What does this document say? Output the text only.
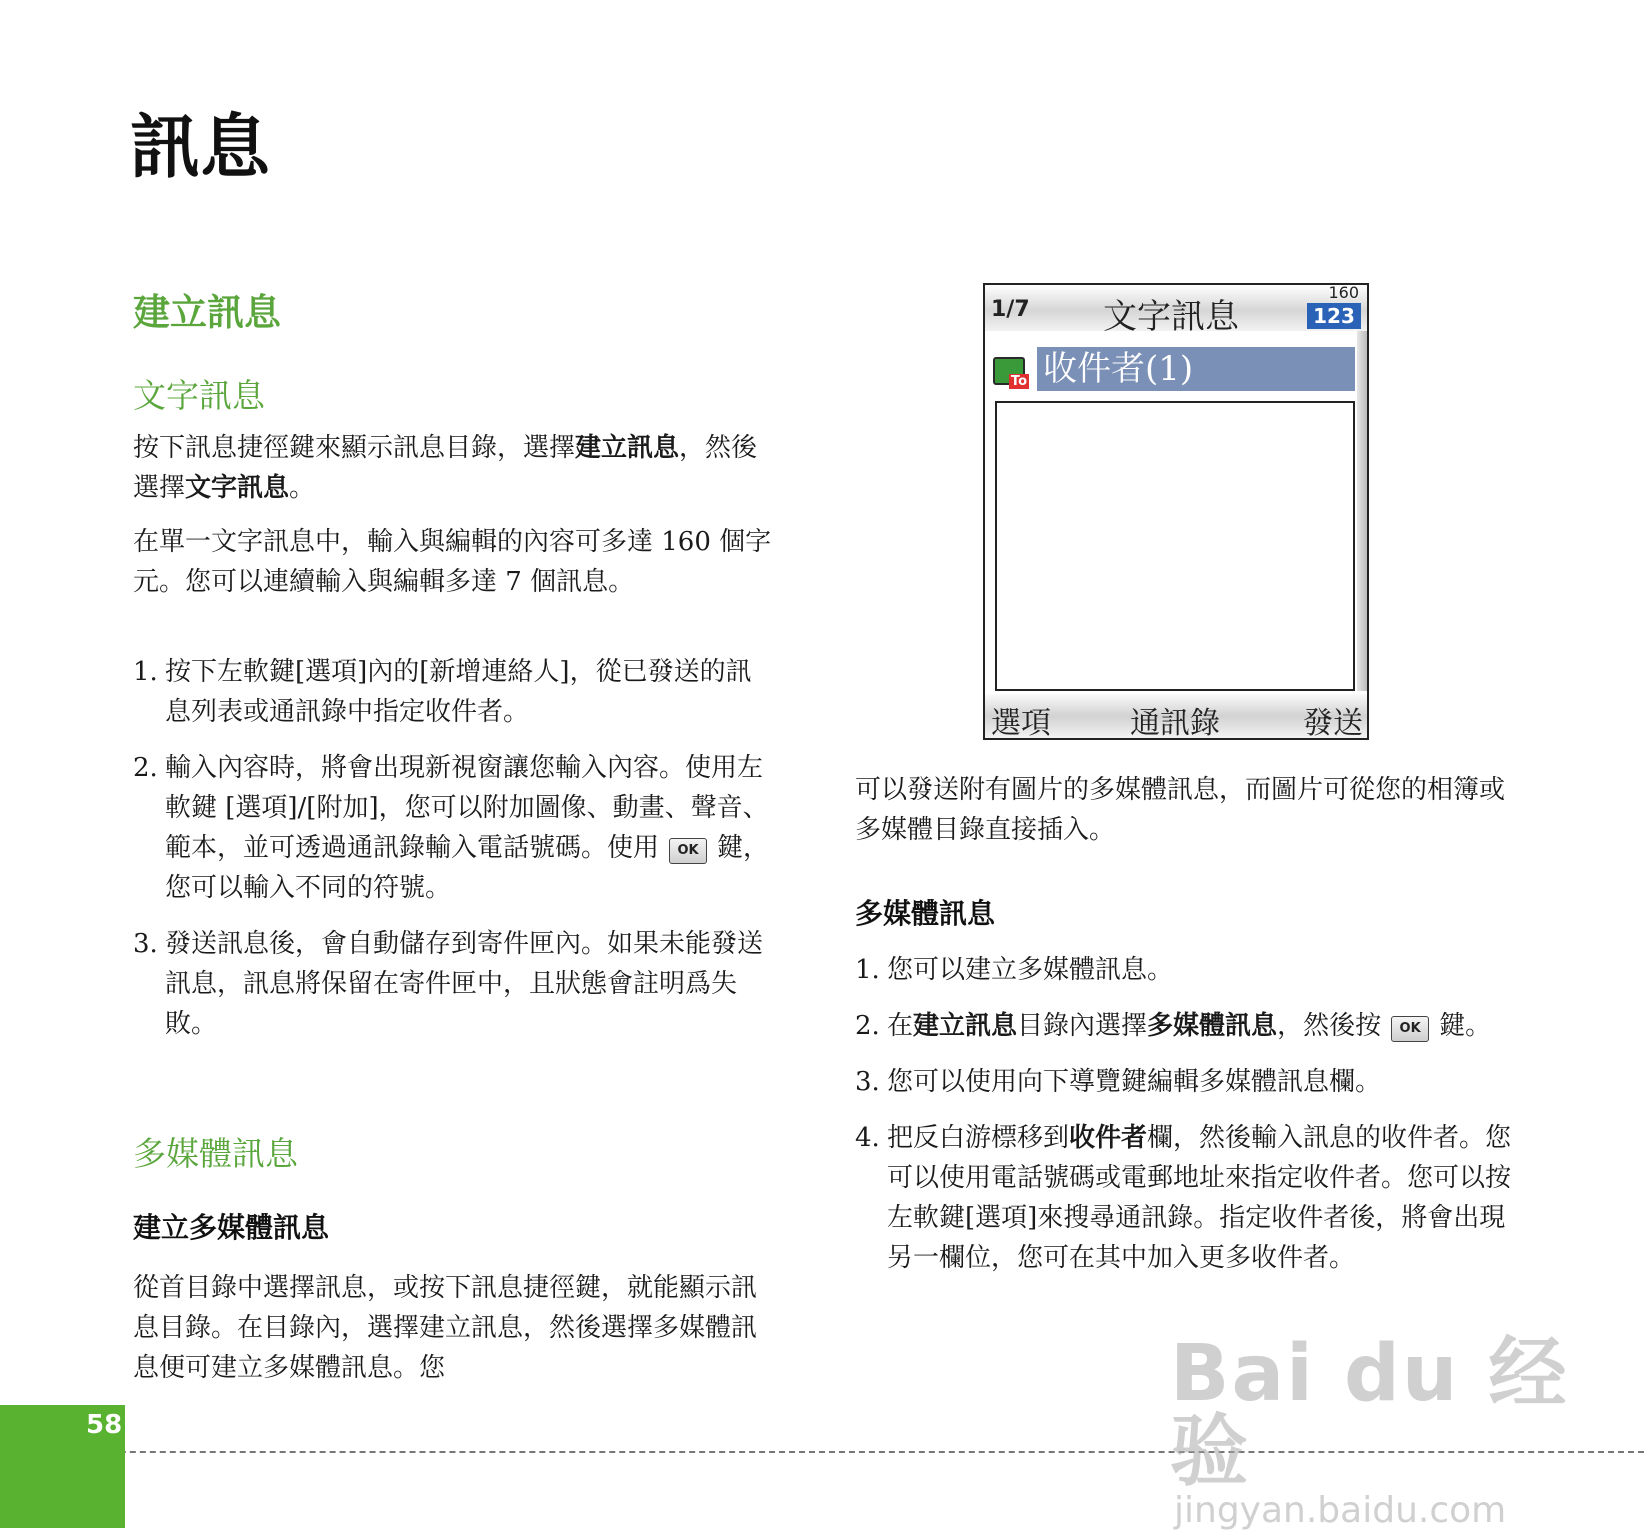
訊息
建立訊息
文字訊息

按下訊息捷徑鍵來顯示訊息目錄，選擇建立訊息，然後選擇文字訊息。

在單一文字訊息中，輸入與編輯的內容可多達 160 個字元。您可以連續輸入與編輯多達 7 個訊息。

1. 按下左軟鍵[選項]內的[新增連絡人]，從已發送的訊息列表或通訊錄中指定收件者。
2. 輸入內容時，將會出現新視窗讓您輸入內容。使用左軟鍵 [選項]/[附加]，您可以附加圖像、動畫、聲音、範本，並可透過通訊錄輸入電話號碼。使用 OK 鍵，您可以輸入不同的符號。
3. 發送訊息後，會自動儲存到寄件匣內。如果未能發送訊息，訊息將保留在寄件匣中，且狀態會註明爲失敗。
多媒體訊息
建立多媒體訊息

從首目錄中選擇訊息，或按下訊息捷徑鍵，就能顯示訊息目錄。在目錄內，選擇建立訊息，然後選擇多媒體訊息便可建立多媒體訊息。您

1/7 文字訊息
160
123
To 收件者(1)
選項	通訊錄	發送

可以發送附有圖片的多媒體訊息，而圖片可從您的相簿或多媒體目錄直接插入。

多媒體訊息
1. 您可以建立多媒體訊息。
2. 在建立訊息目錄內選擇多媒體訊息，然後按 OK 鍵。
3. 您可以使用向下導覽鍵編輯多媒體訊息欄。
4. 把反白游標移到收件者欄，然後輸入訊息的收件者。您可以使用電話號碼或電郵地址來指定收件者。您可以按左軟鍵[選項]來搜尋通訊錄。指定收件者後，將會出現另一欄位，您可在其中加入更多收件者。
58
Bai du 经验
jingyan.baidu.com
